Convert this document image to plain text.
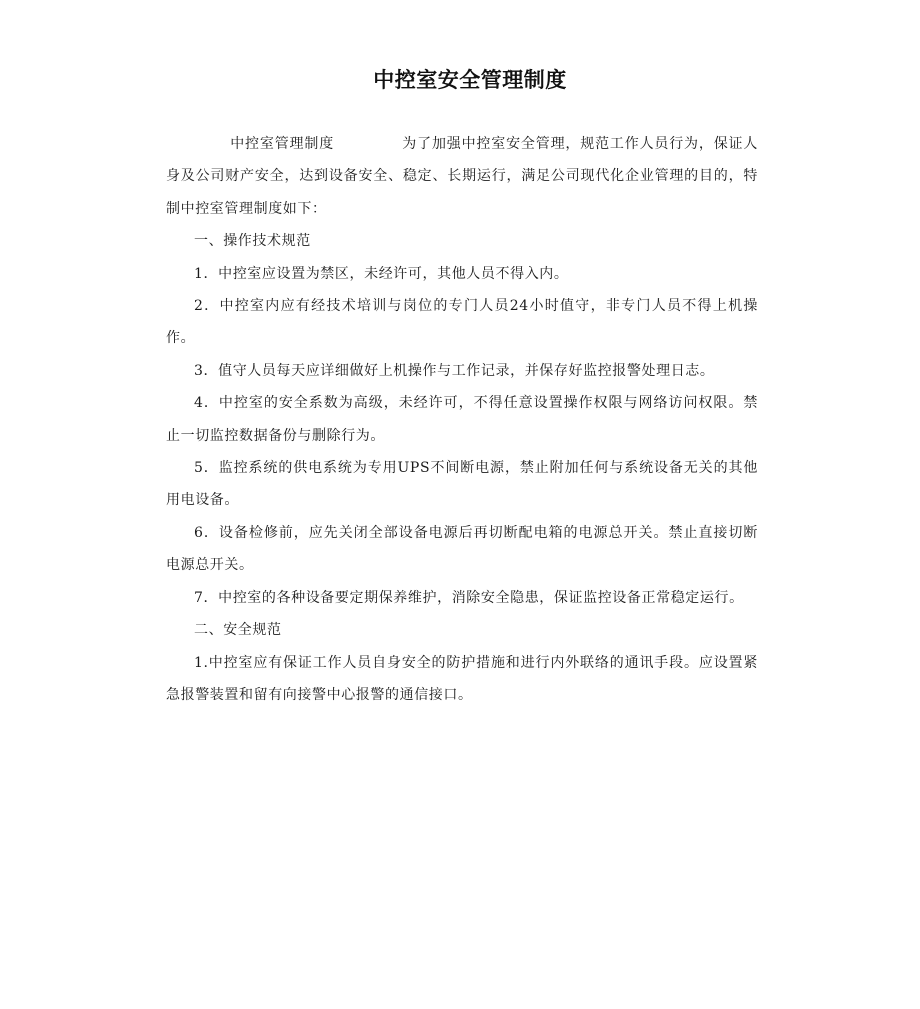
中控室安全管理制度

中控室管理制度	为了加强中控室安全管理，规范工作人员行为，保证人身及公司财产安全，达到设备安全、稳定、长期运行，满足公司现代化企业管理的目的，特制中控室管理制度如下：

一、操作技术规范

1．中控室应设置为禁区，未经许可，其他人员不得入内。

2．中控室内应有经技术培训与岗位的专门人员24小时值守，非专门人员不得上机操作。

3．值守人员每天应详细做好上机操作与工作记录，并保存好监控报警处理日志。

4．中控室的安全系数为高级，未经许可，不得任意设置操作权限与网络访问权限。禁止一切监控数据备份与删除行为。

5．监控系统的供电系统为专用UPS不间断电源，禁止附加任何与系统设备无关的其他用电设备。

6．设备检修前，应先关闭全部设备电源后再切断配电箱的电源总开关。禁止直接切断电源总开关。

7．中控室的各种设备要定期保养维护，消除安全隐患，保证监控设备正常稳定运行。

二、安全规范

1.中控室应有保证工作人员自身安全的防护措施和进行内外联络的通讯手段。应设置紧急报警装置和留有向接警中心报警的通信接口。
